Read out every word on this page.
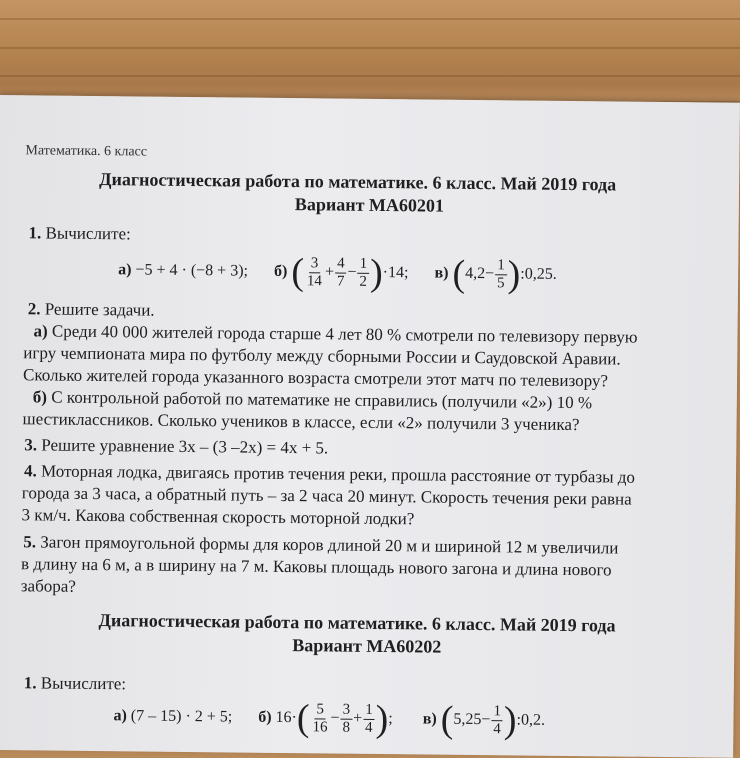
Математика. 6 класс
Диагностическая работа по математике. 6 класс. Май 2019 года
Вариант МА60201
1. Вычислите:
а) −5 + 4 · (−8 + 3); б) ( $\frac{3}{14} + \frac{4}{7} - \frac{1}{2}$ ) ·14; в) ( $4,2- \frac{1}{5}$ ) :0,25.
2. Решите задачи.
а) Среди 40 000 жителей города старше 4 лет 80 % смотрели по телевизору первую
игру чемпионата мира по футболу между сборными России и Саудовской Аравии.
Сколько жителей города указанного возраста смотрели этот матч по телевизору?
б) С контрольной работой по математике не справились (получили «2») 10 %
шестиклассников. Сколько учеников в классе, если «2» получили 3 ученика?
3. Решите уравнение 3x – (3 –2x) = 4x + 5.
4. Моторная лодка, двигаясь против течения реки, прошла расстояние от турбазы до
города за 3 часа, а обратный путь – за 2 часа 20 минут. Скорость течения реки равна
3 км/ч. Какова собственная скорость моторной лодки?
5. Загон прямоугольной формы для коров длиной 20 м и шириной 12 м увеличили
в длину на 6 м, а в ширину на 7 м. Каковы площадь нового загона и длина нового
забора?
Диагностическая работа по математике. 6 класс. Май 2019 года
Вариант МА60202
1. Вычислите:
а) (7 – 15) · 2 + 5; б) 16· ( $\frac{5}{16} - \frac{3}{8} + \frac{1}{4}$ ) ; в) ( $5,25- \frac{1}{4}$ ) :0,2.
